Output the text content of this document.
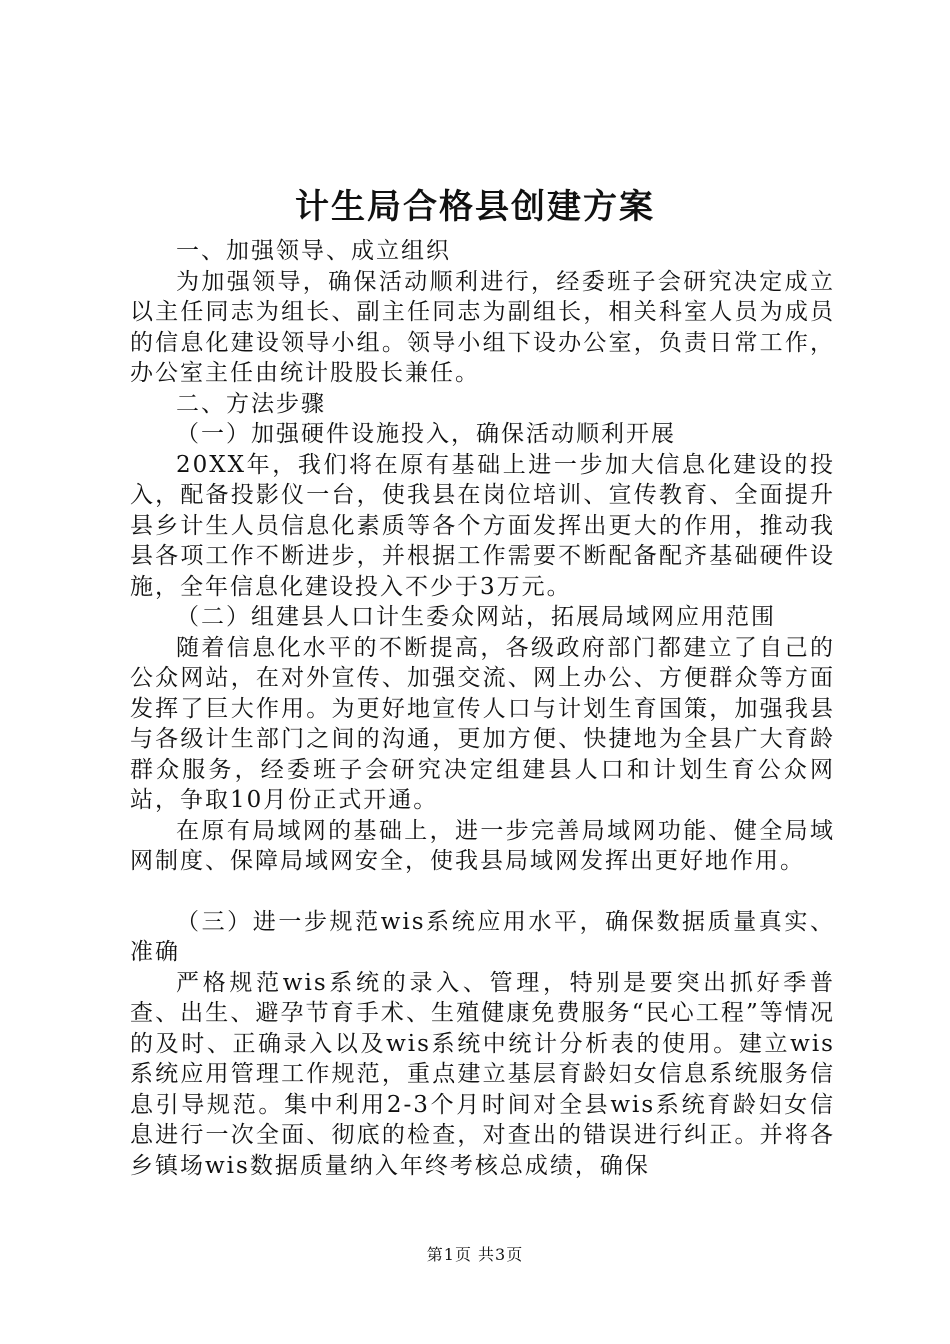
计生局合格县创建方案

一、加强领导、成立组织

为加强领导，确保活动顺利进行，经委班子会研究决定成立以主任同志为组长、副主任同志为副组长，相关科室人员为成员的信息化建设领导小组。领导小组下设办公室，负责日常工作，办公室主任由统计股股长兼任。

二、方法步骤

（一）加强硬件设施投入，确保活动顺利开展

20XX年，我们将在原有基础上进一步加大信息化建设的投入，配备投影仪一台，使我县在岗位培训、宣传教育、全面提升县乡计生人员信息化素质等各个方面发挥出更大的作用，推动我县各项工作不断进步，并根据工作需要不断配备配齐基础硬件设施，全年信息化建设投入不少于3万元。

（二）组建县人口计生委众网站，拓展局域网应用范围

随着信息化水平的不断提高，各级政府部门都建立了自己的公众网站，在对外宣传、加强交流、网上办公、方便群众等方面发挥了巨大作用。为更好地宣传人口与计划生育国策，加强我县与各级计生部门之间的沟通，更加方便、快捷地为全县广大育龄群众服务，经委班子会研究决定组建县人口和计划生育公众网站，争取10月份正式开通。

在原有局域网的基础上，进一步完善局域网功能、健全局域网制度、保障局域网安全，使我县局域网发挥出更好地作用。

（三）进一步规范wis系统应用水平，确保数据质量真实、准确

严格规范wis系统的录入、管理，特别是要突出抓好季普查、出生、避孕节育手术、生殖健康免费服务“民心工程”等情况的及时、正确录入以及wis系统中统计分析表的使用。建立wis系统应用管理工作规范，重点建立基层育龄妇女信息系统服务信息引导规范。集中利用2-3个月时间对全县wis系统育龄妇女信息进行一次全面、彻底的检查，对查出的错误进行纠正。并将各乡镇场wis数据质量纳入年终考核总成绩，确保

第1页 共3页
